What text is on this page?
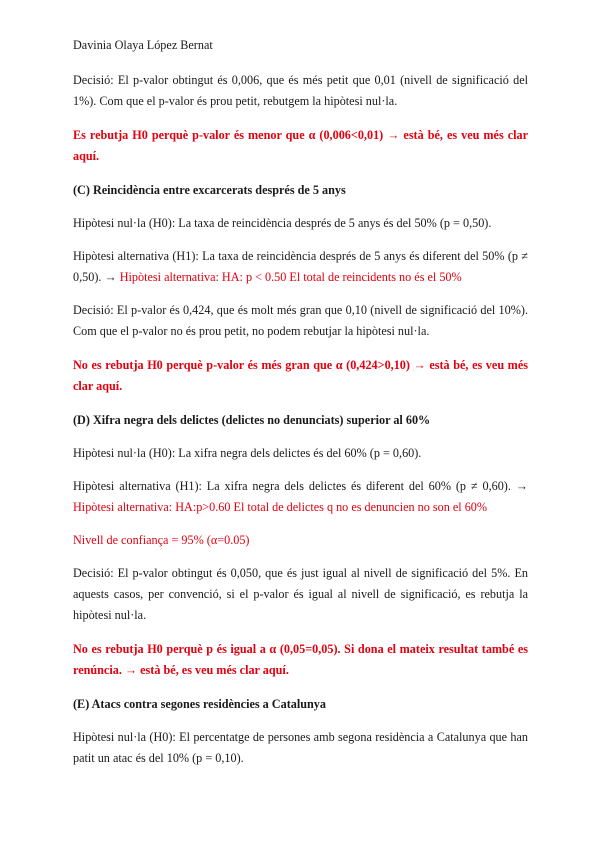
Davinia Olaya López Bernat

Decisió: El p-valor obtingut és 0,006, que és més petit que 0,01 (nivell de significació del 1%). Com que el p-valor és prou petit, rebutgem la hipòtesi nul·la.

Es rebutja H0 perquè p-valor és menor que α (0,006<0,01) → està bé, es veu més clar aquí.

(C) Reincidència entre excarcerats després de 5 anys

Hipòtesi nul·la (H0): La taxa de reincidència després de 5 anys és del 50% (p = 0,50).

Hipòtesi alternativa (H1): La taxa de reincidència després de 5 anys és diferent del 50% (p ≠ 0,50). → Hipòtesi alternativa: HA: p < 0.50 El total de reincidents no és el 50%

Decisió: El p-valor és 0,424, que és molt més gran que 0,10 (nivell de significació del 10%). Com que el p-valor no és prou petit, no podem rebutjar la hipòtesi nul·la.

No es rebutja H0 perquè p-valor és més gran que α (0,424>0,10) → està bé, es veu més clar aquí.

(D) Xifra negra dels delictes (delictes no denunciats) superior al 60%

Hipòtesi nul·la (H0): La xifra negra dels delictes és del 60% (p = 0,60).

Hipòtesi alternativa (H1): La xifra negra dels delictes és diferent del 60% (p ≠ 0,60). → Hipòtesi alternativa: HA:p>0.60 El total de delictes q no es denuncien no son el 60%

Nivell de confiança = 95% (α=0.05)

Decisió: El p-valor obtingut és 0,050, que és just igual al nivell de significació del 5%. En aquests casos, per convenció, si el p-valor és igual al nivell de significació, es rebutja la hipòtesi nul·la.

No es rebutja H0 perquè p és igual a α (0,05=0,05). Si dona el mateix resultat també es renúncia. → està bé, es veu més clar aquí.

(E) Atacs contra segones residències a Catalunya

Hipòtesi nul·la (H0): El percentatge de persones amb segona residència a Catalunya que han patit un atac és del 10% (p = 0,10).
